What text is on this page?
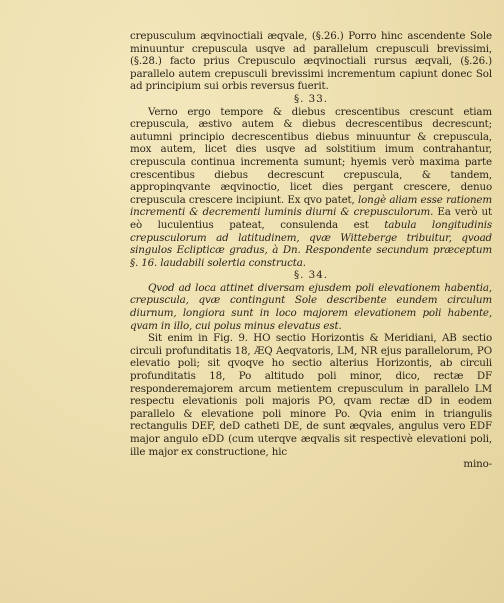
crepusculum æqvinoctiali æqvale, (§.26.) Porro hinc ascendente Sole minuuntur crepuscula usqve ad parallelum crepusculi brevissimi, (§.28.) facto prius Crepusculo æqvinoctiali rursus æqvali, (§.26.) parallelo autem crepusculi brevissimi incrementum capiunt donec Sol ad principium sui orbis reversus fuerit.

§. 33.

Verno ergo tempore & diebus crescentibus crescunt etiam crepuscula, æstivo autem & diebus decrescentibus decrescunt; autumni principio decrescentibus diebus minuuntur & crepuscula, mox autem, licet dies usqve ad solstitium imum contrahantur, crepuscula continua incrementa sumunt; hyemis verò maxima parte crescentibus diebus decrescunt crepuscula, & tandem, appropinqvante æqvinoctio, licet dies pergant crescere, denuo crepuscula crescere incipiunt. Ex qvo patet, longè aliam esse rationem incrementi & decrementi luminis diurni & crepusculorum. Ea verò ut eò luculentius pateat, consulenda est tabula longitudinis crepusculorum ad latitudinem, qvæ Witteberge tribuitur, qvoad singulos Eclipticæ gradus, à Dn. Respondente secundum præceptum §. 16. laudabili solertia constructa.

§. 34.

Qvod ad loca attinet diversam ejusdem poli elevationem habentia, crepuscula, qvæ contingunt Sole describente eundem circulum diurnum, longiora sunt in loco majorem elevationem poli habente, qvam in illo, cui polus minus elevatus est.

Sit enim in Fig. 9. HO sectio Horizontis & Meridiani, AB sectio circuli profunditatis 18, ÆQ Aeqvatoris, LM, NR ejus parallelorum, PO elevatio poli; sit qvoqve ho sectio alterius Horizontis, ab circuli profunditatis 18, Po altitudo poli minor, dico, rectæ DF responderemajorem arcum metientem crepusculum in parallelo LM respectu elevationis poli majoris PO, qvam rectæ dD in eodem parallelo & elevatione poli minore Po. Qvia enim in triangulis rectangulis DEF, deD catheti DE, de sunt æqvales, angulus vero EDF major angulo eDD (cum uterqve æqvalis sit respectivè elevationi poli, ille major ex constructione, hic

mino-
